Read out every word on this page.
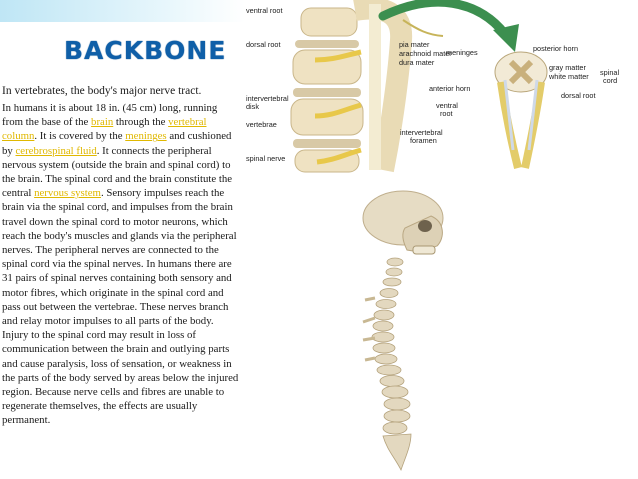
BACKBONE
In vertebrates, the body's major nerve tract.
In humans it is about 18 in. (45 cm) long, running from the base of the brain through the vertebral column. It is covered by the meninges and cushioned by cerebrospinal fluid. It connects the peripheral nervous system (outside the brain and spinal cord) to the brain. The spinal cord and the brain constitute the central nervous system. Sensory impulses reach the brain via the spinal cord, and impulses from the brain travel down the spinal cord to motor neurons, which reach the body's muscles and glands via the peripheral nerves. The peripheral nerves are connected to the spinal cord via the spinal nerves. In humans there are 31 pairs of spinal nerves containing both sensory and motor fibres, which originate in the spinal cord and pass out between the vertebrae. These nerves branch and relay motor impulses to all parts of the body. Injury to the spinal cord may result in loss of communication between the brain and outlying parts and cause paralysis, loss of sensation, or weakness in the parts of the body served by areas below the injured region. Because nerve cells and fibres are unable to regenerate themselves, the effects are usually permanent.
ventral root
dorsal root	pia mater
arachnoid mater
dura mater
meninges
intervertebral
disk
vertebrae
spinal nerve
intervertebral
foramen
posterior horn
gray matter
white matter spinal
cord
anterior horn
ventral
root
dorsal root
